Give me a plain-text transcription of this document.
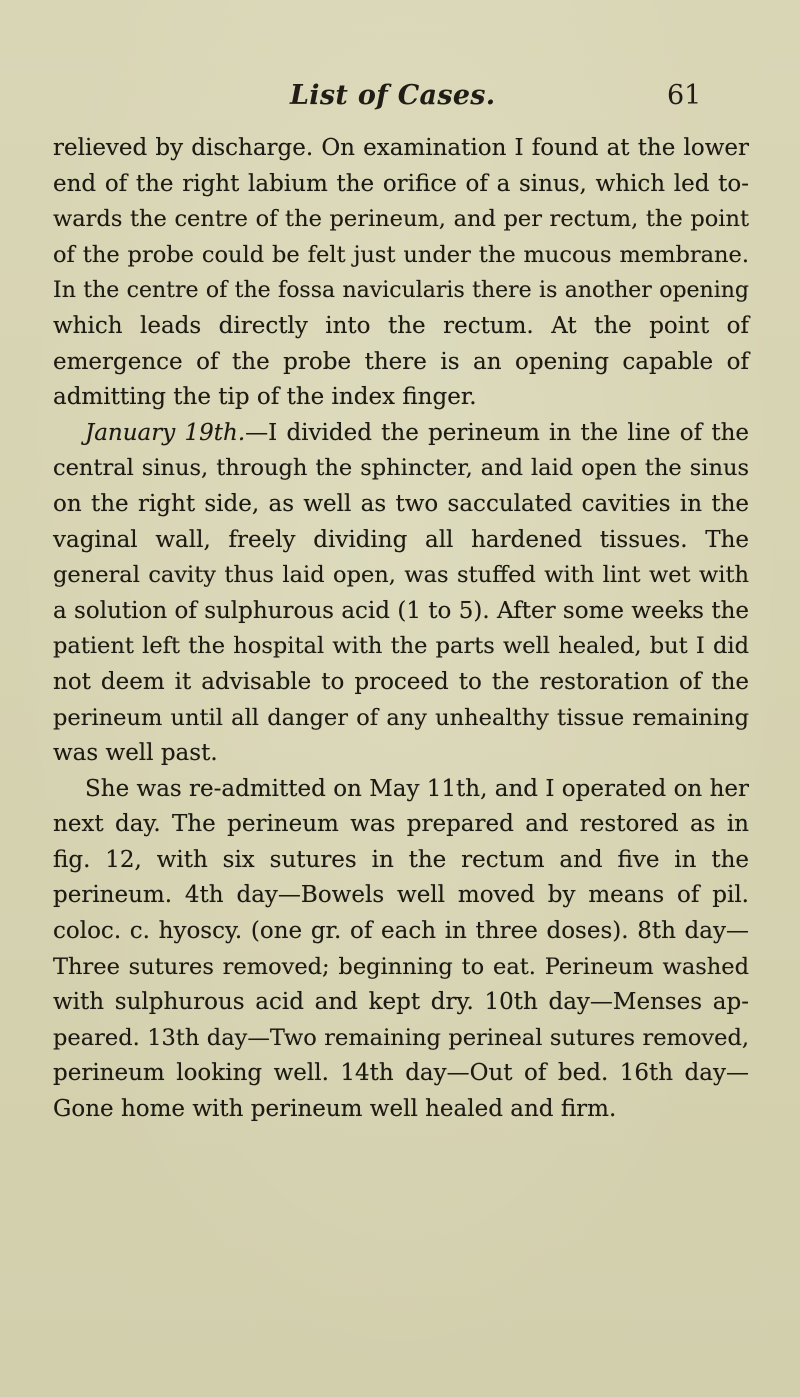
List of Cases.	61
relieved by discharge. On examination I found at the lower
end of the right labium the orifice of a sinus, which led to-
wards the centre of the perineum, and per rectum, the point
of the probe could be felt just under the mucous membrane.
In the centre of the fossa navicularis there is another opening
which leads directly into the rectum. At the point of
emergence of the probe there is an opening capable of
admitting the tip of the index finger.
January 19th.—I divided the perineum in the line of the
central sinus, through the sphincter, and laid open the sinus
on the right side, as well as two sacculated cavities in the
vaginal wall, freely dividing all hardened tissues. The
general cavity thus laid open, was stuffed with lint wet with
a solution of sulphurous acid (1 to 5). After some weeks the
patient left the hospital with the parts well healed, but I did
not deem it advisable to proceed to the restoration of the
perineum until all danger of any unhealthy tissue remaining
was well past.
She was re-admitted on May 11th, and I operated on her
next day. The perineum was prepared and restored as in
fig. 12, with six sutures in the rectum and five in the
perineum. 4th day—Bowels well moved by means of pil.
coloc. c. hyoscy. (one gr. of each in three doses). 8th day—
Three sutures removed; beginning to eat. Perineum washed
with sulphurous acid and kept dry. 10th day—Menses ap-
peared. 13th day—Two remaining perineal sutures removed,
perineum looking well. 14th day—Out of bed. 16th day—
Gone home with perineum well healed and firm.
